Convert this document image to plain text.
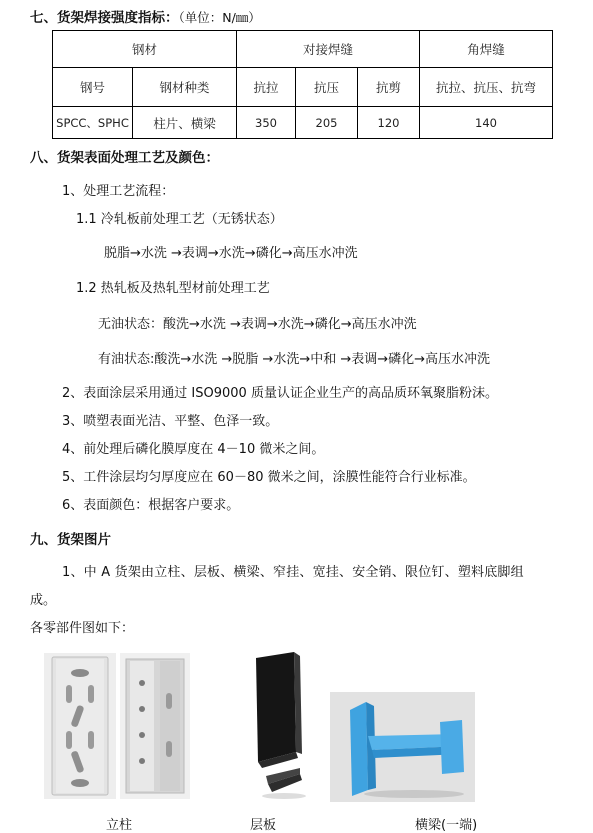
七、货架焊接强度指标：（单位：N/㎜）
钢材		对接焊缝			角焊缝
钢号	钢材种类	抗拉	抗压	抗剪	抗拉、抗压、抗弯
SPCC、SPHC	柱片、横梁	350	205	120	140
八、货架表面处理工艺及颜色：
1、处理工艺流程：
1.1 冷轧板前处理工艺（无锈状态）
脱脂→水洗 →表调→水洗→磷化→高压水冲洗
1.2 热轧板及热轧型材前处理工艺
无油状态：酸洗→水洗 →表调→水洗→磷化→高压水冲洗
有油状态:酸洗→水洗 →脱脂 →水洗→中和 →表调→磷化→高压水冲洗
2、表面涂层采用通过 ISO9000 质量认证企业生产的高品质环氧聚脂粉沫。
3、喷塑表面光洁、平整、色泽一致。
4、前处理后磷化膜厚度在 4－10 微米之间。
5、工件涂层均匀厚度应在 60－80 微米之间，涂膜性能符合行业标准。
6、表面颜色：根据客户要求。
九、货架图片
1、中 A 货架由立柱、层板、横梁、窄挂、宽挂、安全销、限位钉、塑料底脚组
成。
各零部件图如下：
立柱	层板	横梁(一端)
